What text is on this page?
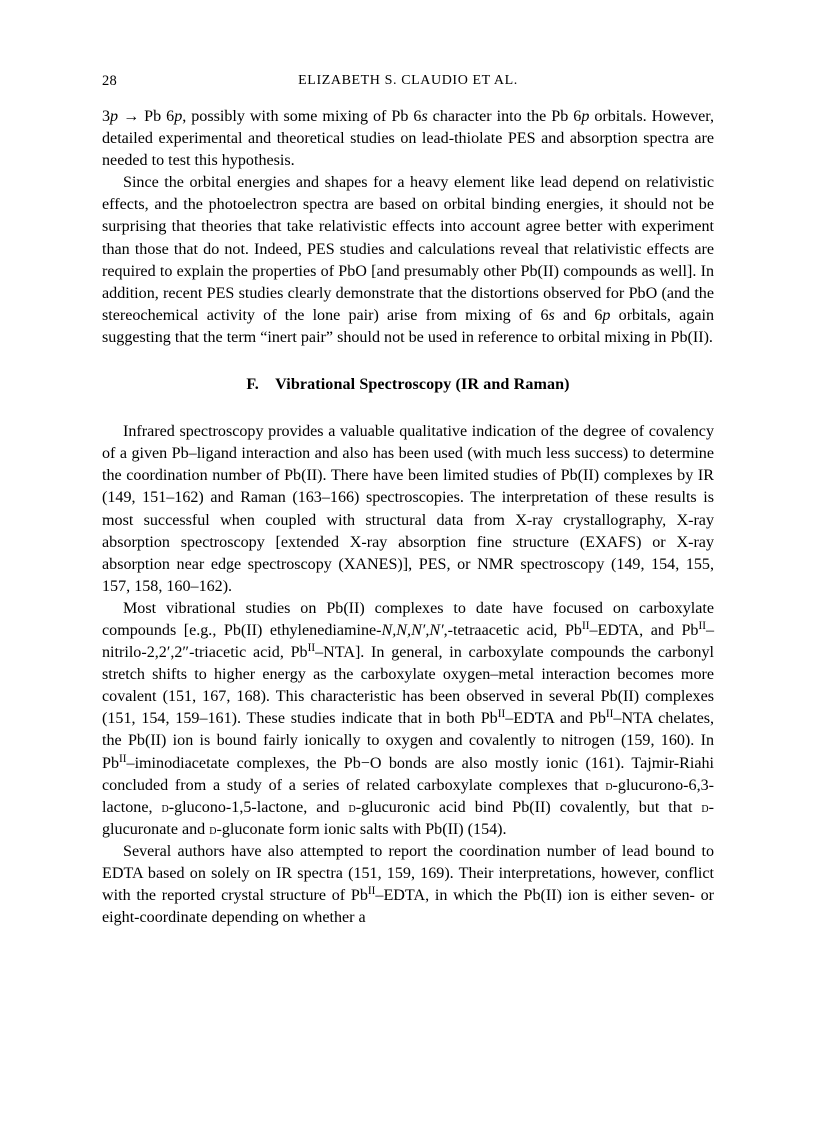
28	ELIZABETH S. CLAUDIO ET AL.

3p → Pb 6p, possibly with some mixing of Pb 6s character into the Pb 6p orbitals. However, detailed experimental and theoretical studies on lead-thiolate PES and absorption spectra are needed to test this hypothesis.

Since the orbital energies and shapes for a heavy element like lead depend on relativistic effects, and the photoelectron spectra are based on orbital binding energies, it should not be surprising that theories that take relativistic effects into account agree better with experiment than those that do not. Indeed, PES studies and calculations reveal that relativistic effects are required to explain the properties of PbO [and presumably other Pb(II) compounds as well]. In addition, recent PES studies clearly demonstrate that the distortions observed for PbO (and the stereochemical activity of the lone pair) arise from mixing of 6s and 6p orbitals, again suggesting that the term “inert pair” should not be used in reference to orbital mixing in Pb(II).

F. Vibrational Spectroscopy (IR and Raman)

Infrared spectroscopy provides a valuable qualitative indication of the degree of covalency of a given Pb–ligand interaction and also has been used (with much less success) to determine the coordination number of Pb(II). There have been limited studies of Pb(II) complexes by IR (149, 151–162) and Raman (163–166) spectroscopies. The interpretation of these results is most successful when coupled with structural data from X-ray crystallography, X-ray absorption spectroscopy [extended X-ray absorption fine structure (EXAFS) or X-ray absorption near edge spectroscopy (XANES)], PES, or NMR spectroscopy (149, 154, 155, 157, 158, 160–162).

Most vibrational studies on Pb(II) complexes to date have focused on carboxylate compounds [e.g., Pb(II) ethylenediamine-N,N,N′,N′,-tetraacetic acid, $Pb^{II}$–EDTA, and $Pb^{II}-nitrilo-2,2',2''$-triacetic acid, $Pb^{II}-NTA$]. In general, in carboxylate compounds the carbonyl stretch shifts to higher energy as the carboxylate oxygen–metal interaction becomes more covalent (151, 167, 168). This characteristic has been observed in several Pb(II) complexes (151, 154, 159–161). These studies indicate that in both $Pb^{II}$–EDTA and $Pb^{II}$–NTA chelates, the Pb(II) ion is bound fairly ionically to oxygen and covalently to nitrogen (159, 160). In $Pb^{II}$–iminodiacetate complexes, the Pb−O bonds are also mostly ionic (161). Tajmir-Riahi concluded from a study of a series of related carboxylate complexes that d-glucurono-6,3-lactone, d-glucono-1,5-lactone, and d-glucuronic acid bind Pb(II) covalently, but that d-glucuronate and d-gluconate form ionic salts with Pb(II) (154).

Several authors have also attempted to report the coordination number of lead bound to EDTA based on solely on IR spectra (151, 159, 169). Their interpretations, however, conflict with the reported crystal structure of $Pb^{II}$–EDTA, in which the Pb(II) ion is either seven- or eight-coordinate depending on whether a
